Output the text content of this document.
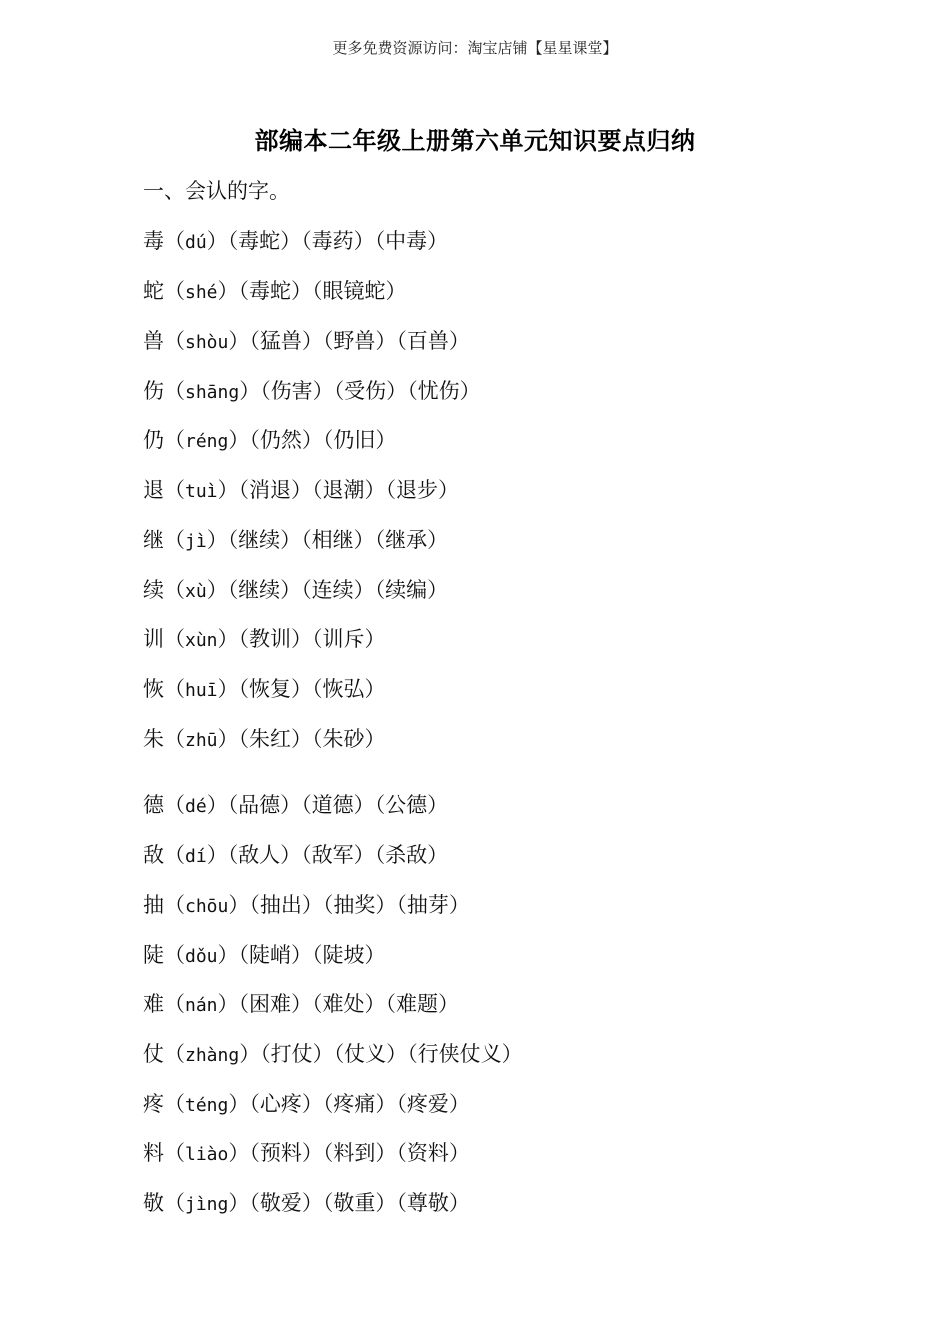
更多免费资源访问：淘宝店铺【星星课堂】
部编本二年级上册第六单元知识要点归纳
一、会认的字。
毒（dú）（毒蛇）（毒药）（中毒）
蛇（shé）（毒蛇）（眼镜蛇）
兽（shòu）（猛兽）（野兽）（百兽）
伤（shāng）（伤害）（受伤）（忧伤）
仍（réng）（仍然）（仍旧）
退（tuì）（消退）（退潮）（退步）
继（jì）（继续）（相继）（继承）
续（xù）（继续）（连续）（续编）
训（xùn）（教训）（训斥）
恢（huī）（恢复）（恢弘）
朱（zhū）（朱红）（朱砂）
德（dé）（品德）（道德）（公德）
敌（dí）（敌人）（敌军）（杀敌）
抽（chōu）（抽出）（抽奖）（抽芽）
陡（dǒu）（陡峭）（陡坡）
难（nán）（困难）（难处）（难题）
仗（zhàng）（打仗）（仗义）（行侠仗义）
疼（téng）（心疼）（疼痛）（疼爱）
料（liào）（预料）（料到）（资料）
敬（jìng）（敬爱）（敬重）（尊敬）
